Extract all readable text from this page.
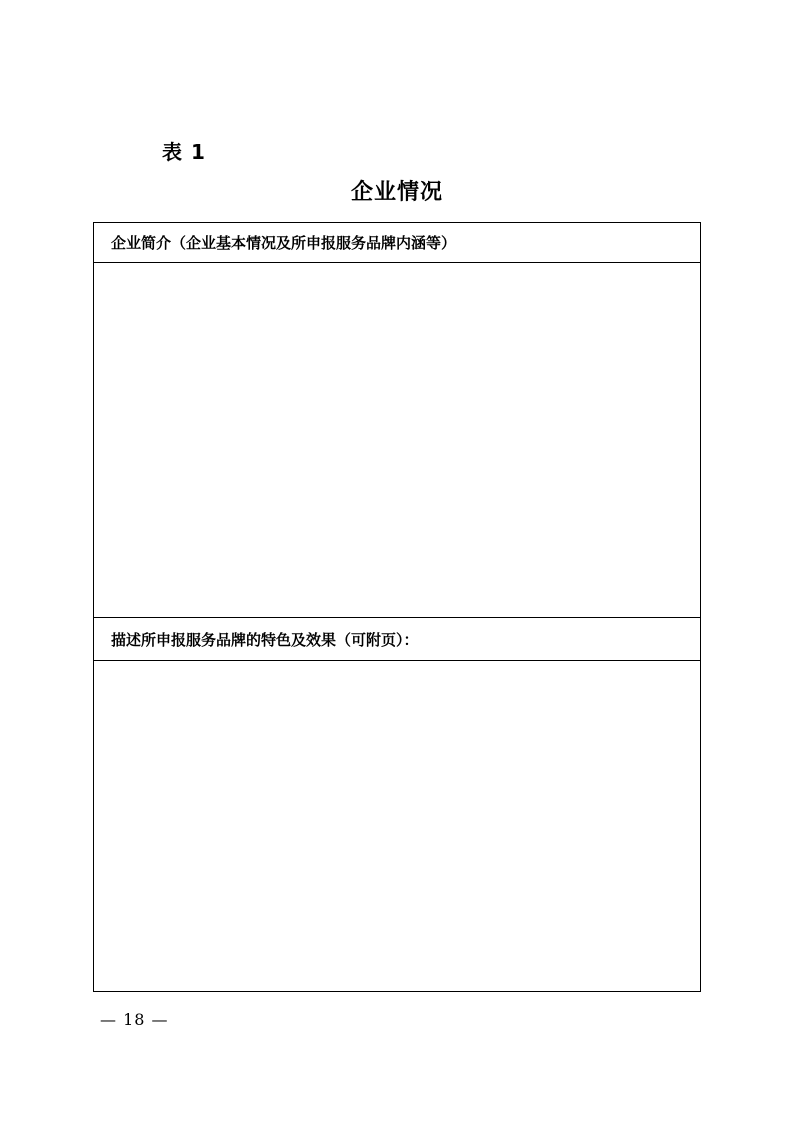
表 1
企业情况
企业简介（企业基本情况及所申报服务品牌内涵等）
描述所申报服务品牌的特色及效果（可附页）：
— 18 —
